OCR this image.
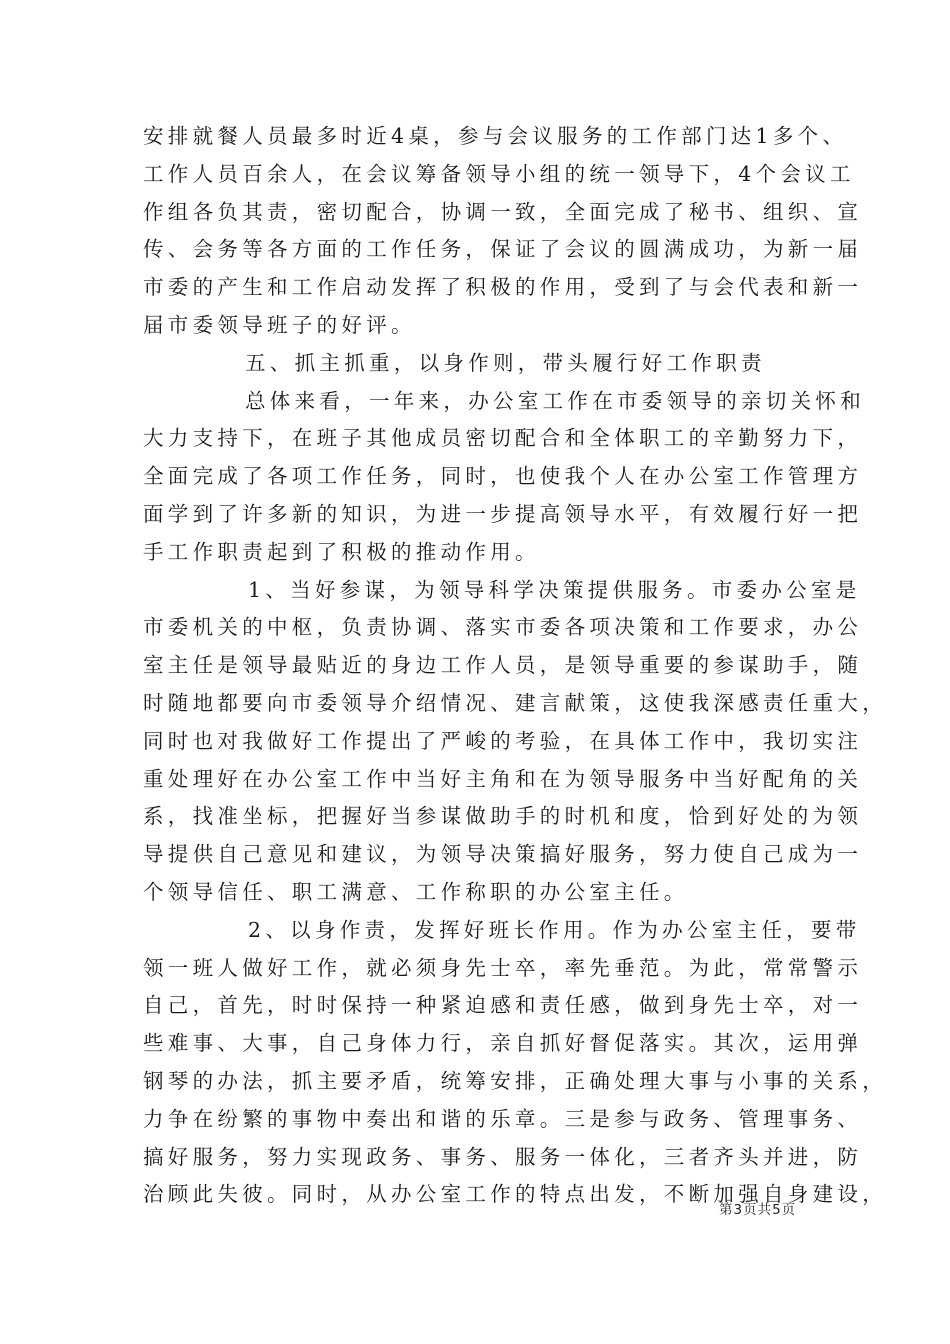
安排就餐人员最多时近4桌，参与会议服务的工作部门达1多个、
工作人员百余人，在会议筹备领导小组的统一领导下，4个会议工
作组各负其责，密切配合，协调一致，全面完成了秘书、组织、宣
传、会务等各方面的工作任务，保证了会议的圆满成功，为新一届
市委的产生和工作启动发挥了积极的作用，受到了与会代表和新一
届市委领导班子的好评。
五、抓主抓重，以身作则，带头履行好工作职责
总体来看，一年来，办公室工作在市委领导的亲切关怀和
大力支持下，在班子其他成员密切配合和全体职工的辛勤努力下，
全面完成了各项工作任务，同时，也使我个人在办公室工作管理方
面学到了许多新的知识，为进一步提高领导水平，有效履行好一把
手工作职责起到了积极的推动作用。
1、当好参谋，为领导科学决策提供服务。市委办公室是
市委机关的中枢，负责协调、落实市委各项决策和工作要求，办公
室主任是领导最贴近的身边工作人员，是领导重要的参谋助手，随
时随地都要向市委领导介绍情况、建言献策，这使我深感责任重大，
同时也对我做好工作提出了严峻的考验，在具体工作中，我切实注
重处理好在办公室工作中当好主角和在为领导服务中当好配角的关
系，找准坐标，把握好当参谋做助手的时机和度，恰到好处的为领
导提供自己意见和建议，为领导决策搞好服务，努力使自己成为一
个领导信任、职工满意、工作称职的办公室主任。
2、以身作责，发挥好班长作用。作为办公室主任，要带
领一班人做好工作，就必须身先士卒，率先垂范。为此，常常警示
自己，首先，时时保持一种紧迫感和责任感，做到身先士卒，对一
些难事、大事，自己身体力行，亲自抓好督促落实。其次，运用弹
钢琴的办法，抓主要矛盾，统筹安排，正确处理大事与小事的关系，
力争在纷繁的事物中奏出和谐的乐章。三是参与政务、管理事务、
搞好服务，努力实现政务、事务、服务一体化，三者齐头并进，防
治顾此失彼。同时，从办公室工作的特点出发，不断加强自身建设，
第3页共5页
